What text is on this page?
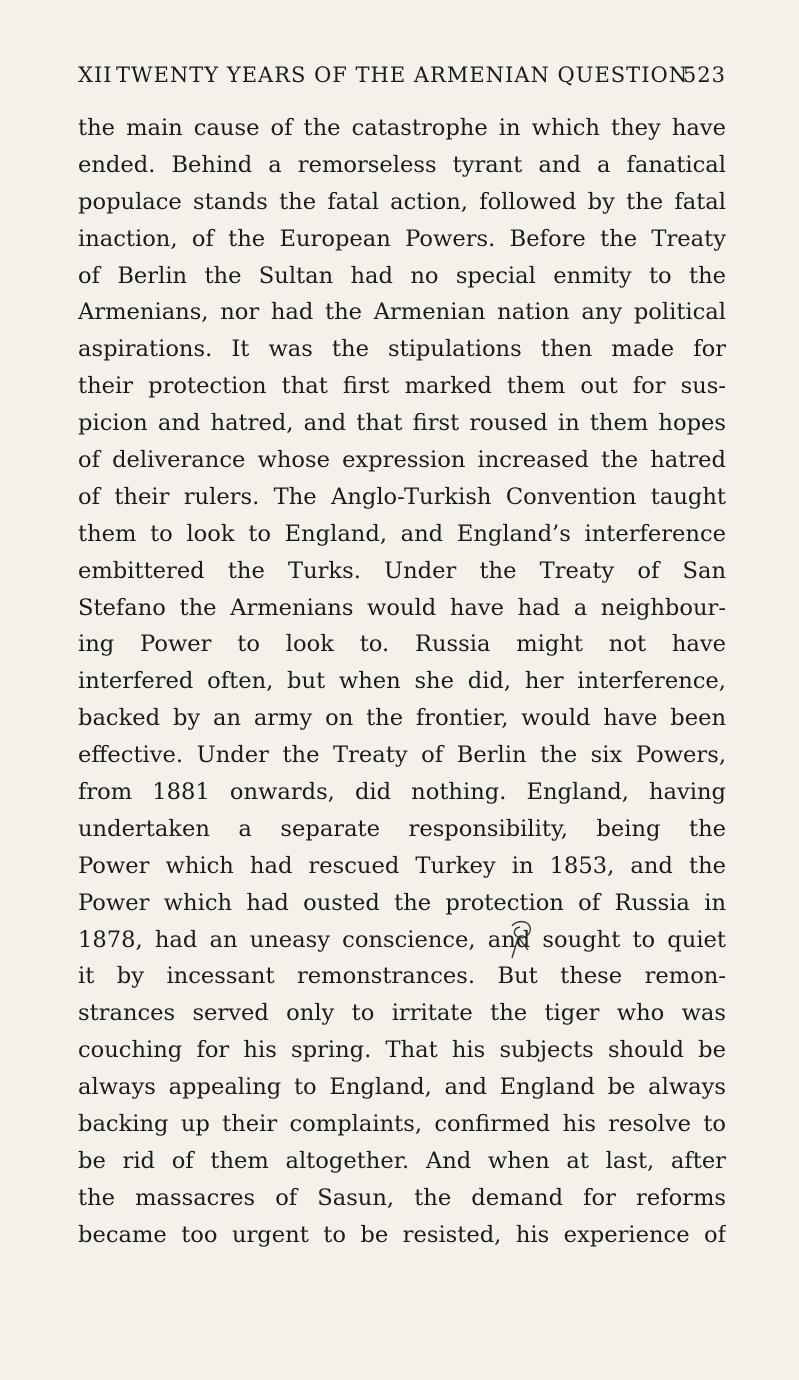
XII TWENTY YEARS OF THE ARMENIAN QUESTION
523
the main cause of the catastrophe in which they have
ended. Behind a remorseless tyrant and a fanatical
populace stands the fatal action, followed by the fatal
inaction, of the European Powers. Before the Treaty
of Berlin the Sultan had no special enmity to the
Armenians, nor had the Armenian nation any political
aspirations. It was the stipulations then made for
their protection that first marked them out for sus-
picion and hatred, and that first roused in them hopes
of deliverance whose expression increased the hatred
of their rulers. The Anglo-Turkish Convention taught
them to look to England, and England’s interference
embittered the Turks. Under the Treaty of San
Stefano the Armenians would have had a neighbour-
ing Power to look to. Russia might not have
interfered often, but when she did, her interference,
backed by an army on the frontier, would have been
effective. Under the Treaty of Berlin the six Powers,
from 1881 onwards, did nothing. England, having
undertaken a separate responsibility, being the
Power which had rescued Turkey in 1853, and the
Power which had ousted the protection of Russia in
1878, had an uneasy conscience, and sought to quiet
it by incessant remonstrances. But these remon-
strances served only to irritate the tiger who was
couching for his spring. That his subjects should be
always appealing to England, and England be always
backing up their complaints, confirmed his resolve to
be rid of them altogether. And when at last, after
the massacres of Sasun, the demand for reforms
became too urgent to be resisted, his experience of
